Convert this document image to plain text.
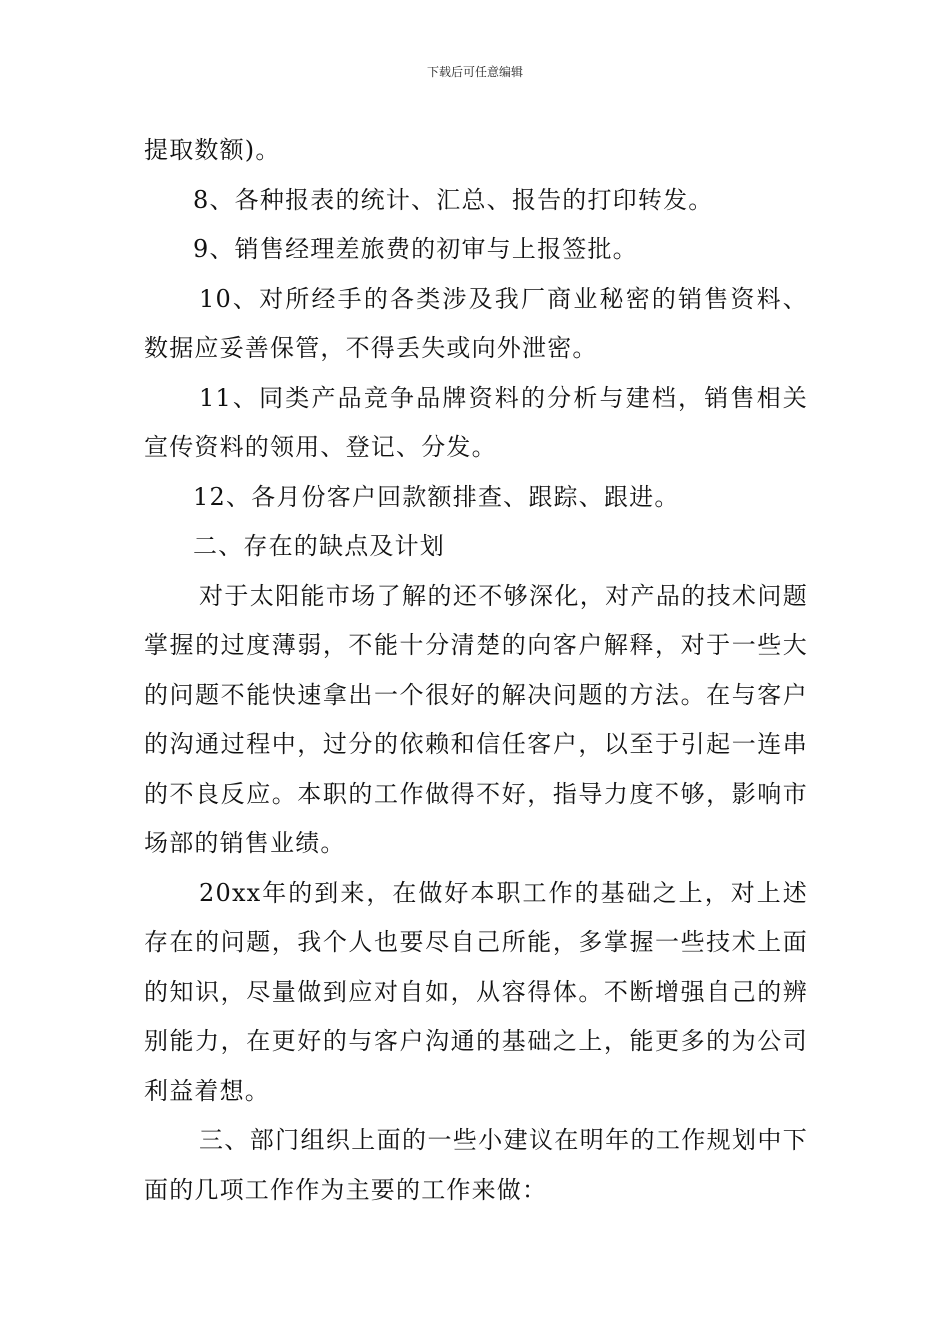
下载后可任意编辑

提取数额)。

8、各种报表的统计、汇总、报告的打印转发。

9、销售经理差旅费的初审与上报签批。

10、对所经手的各类涉及我厂商业秘密的销售资料、数据应妥善保管，不得丢失或向外泄密。

11、同类产品竞争品牌资料的分析与建档，销售相关宣传资料的领用、登记、分发。

12、各月份客户回款额排查、跟踪、跟进。

二、存在的缺点及计划

对于太阳能市场了解的还不够深化，对产品的技术问题掌握的过度薄弱，不能十分清楚的向客户解释，对于一些大的问题不能快速拿出一个很好的解决问题的方法。在与客户的沟通过程中，过分的依赖和信任客户，以至于引起一连串的不良反应。本职的工作做得不好，指导力度不够，影响市场部的销售业绩。

20xx年的到来，在做好本职工作的基础之上，对上述存在的问题，我个人也要尽自己所能，多掌握一些技术上面的知识，尽量做到应对自如，从容得体。不断增强自己的辨别能力，在更好的与客户沟通的基础之上，能更多的为公司利益着想。

三、部门组织上面的一些小建议在明年的工作规划中下面的几项工作作为主要的工作来做：
